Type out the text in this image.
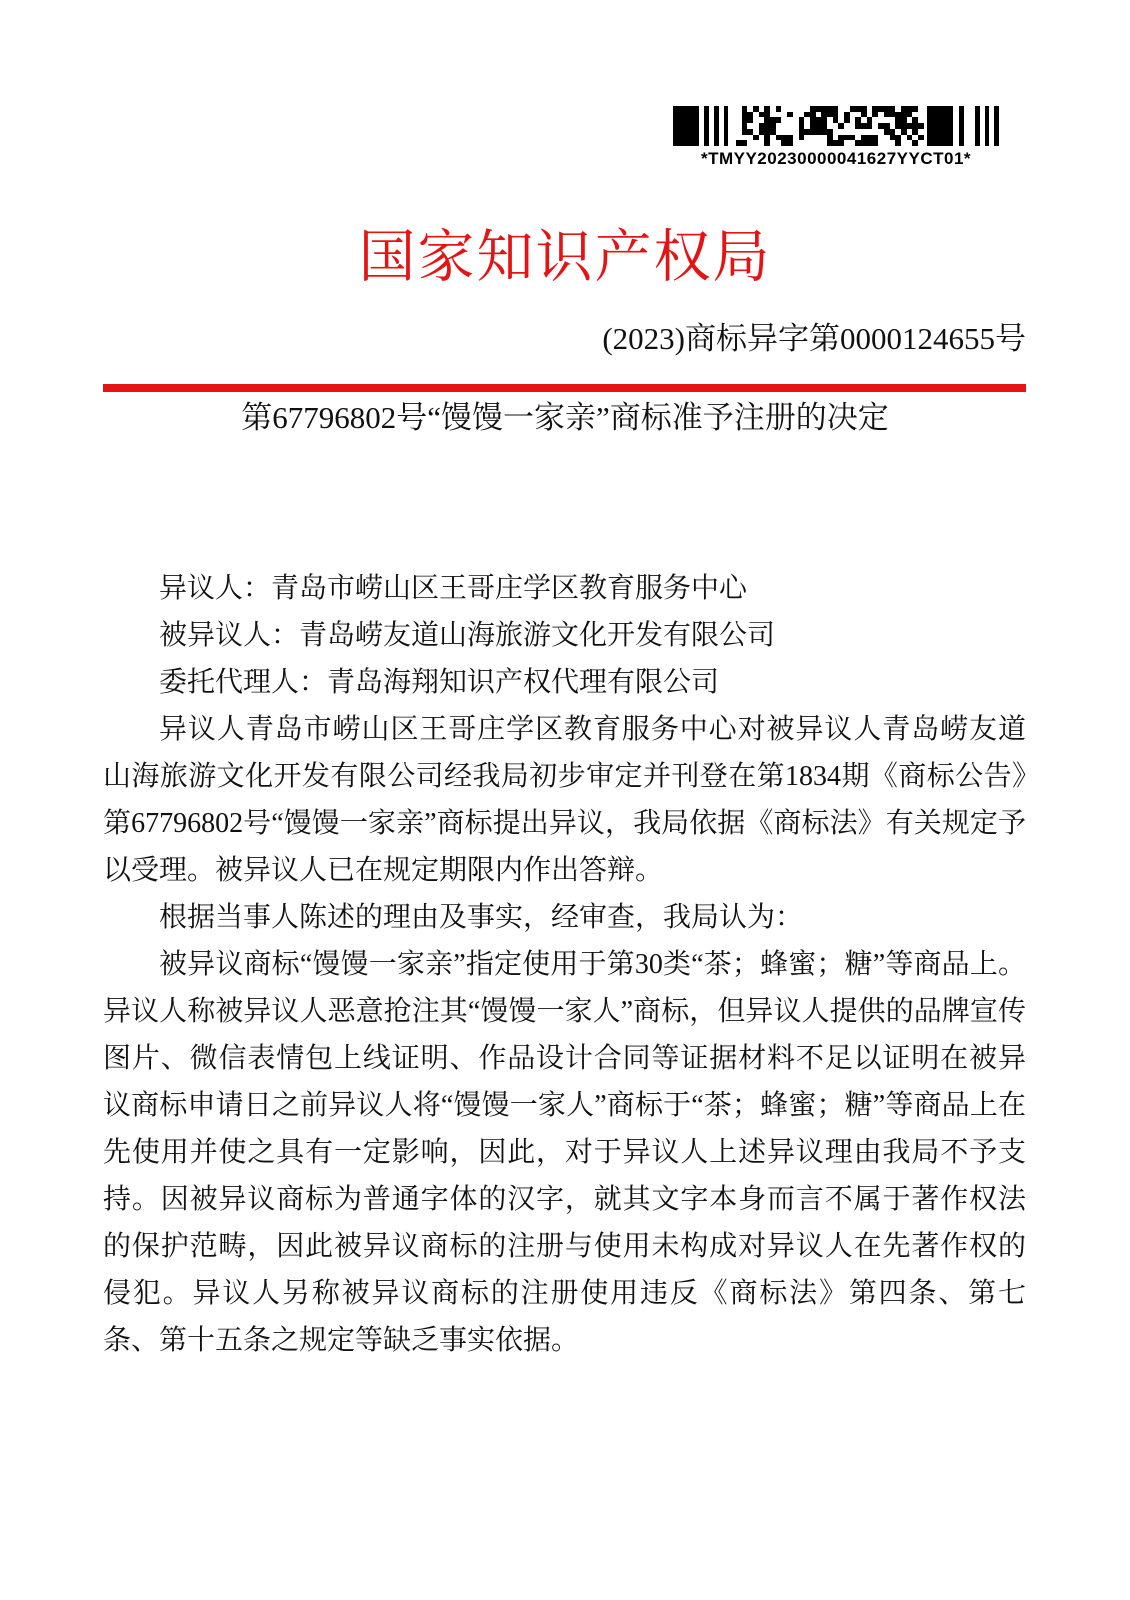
*TMYY20230000041627YYCT01*
国家知识产权局
(2023)商标异字第0000124655号
第67796802号“馒馒一家亲”商标准予注册的决定

异议人：青岛市崂山区王哥庄学区教育服务中心

被异议人：青岛崂友道山海旅游文化开发有限公司

委托代理人：青岛海翔知识产权代理有限公司

异议人青岛市崂山区王哥庄学区教育服务中心对被异议人青岛崂友道山海旅游文化开发有限公司经我局初步审定并刊登在第1834期《商标公告》第67796802号“馒馒一家亲”商标提出异议，我局依据《商标法》有关规定予以受理。被异议人已在规定期限内作出答辩。

根据当事人陈述的理由及事实，经审查，我局认为：

被异议商标“馒馒一家亲”指定使用于第30类“茶；蜂蜜；糖”等商品上。异议人称被异议人恶意抢注其“馒馒一家人”商标，但异议人提供的品牌宣传图片、微信表情包上线证明、作品设计合同等证据材料不足以证明在被异议商标申请日之前异议人将“馒馒一家人”商标于“茶；蜂蜜；糖”等商品上在先使用并使之具有一定影响，因此，对于异议人上述异议理由我局不予支持。因被异议商标为普通字体的汉字，就其文字本身而言不属于著作权法的保护范畴，因此被异议商标的注册与使用未构成对异议人在先著作权的侵犯。异议人另称被异议商标的注册使用违反《商标法》第四条、第七条、第十五条之规定等缺乏事实依据。
